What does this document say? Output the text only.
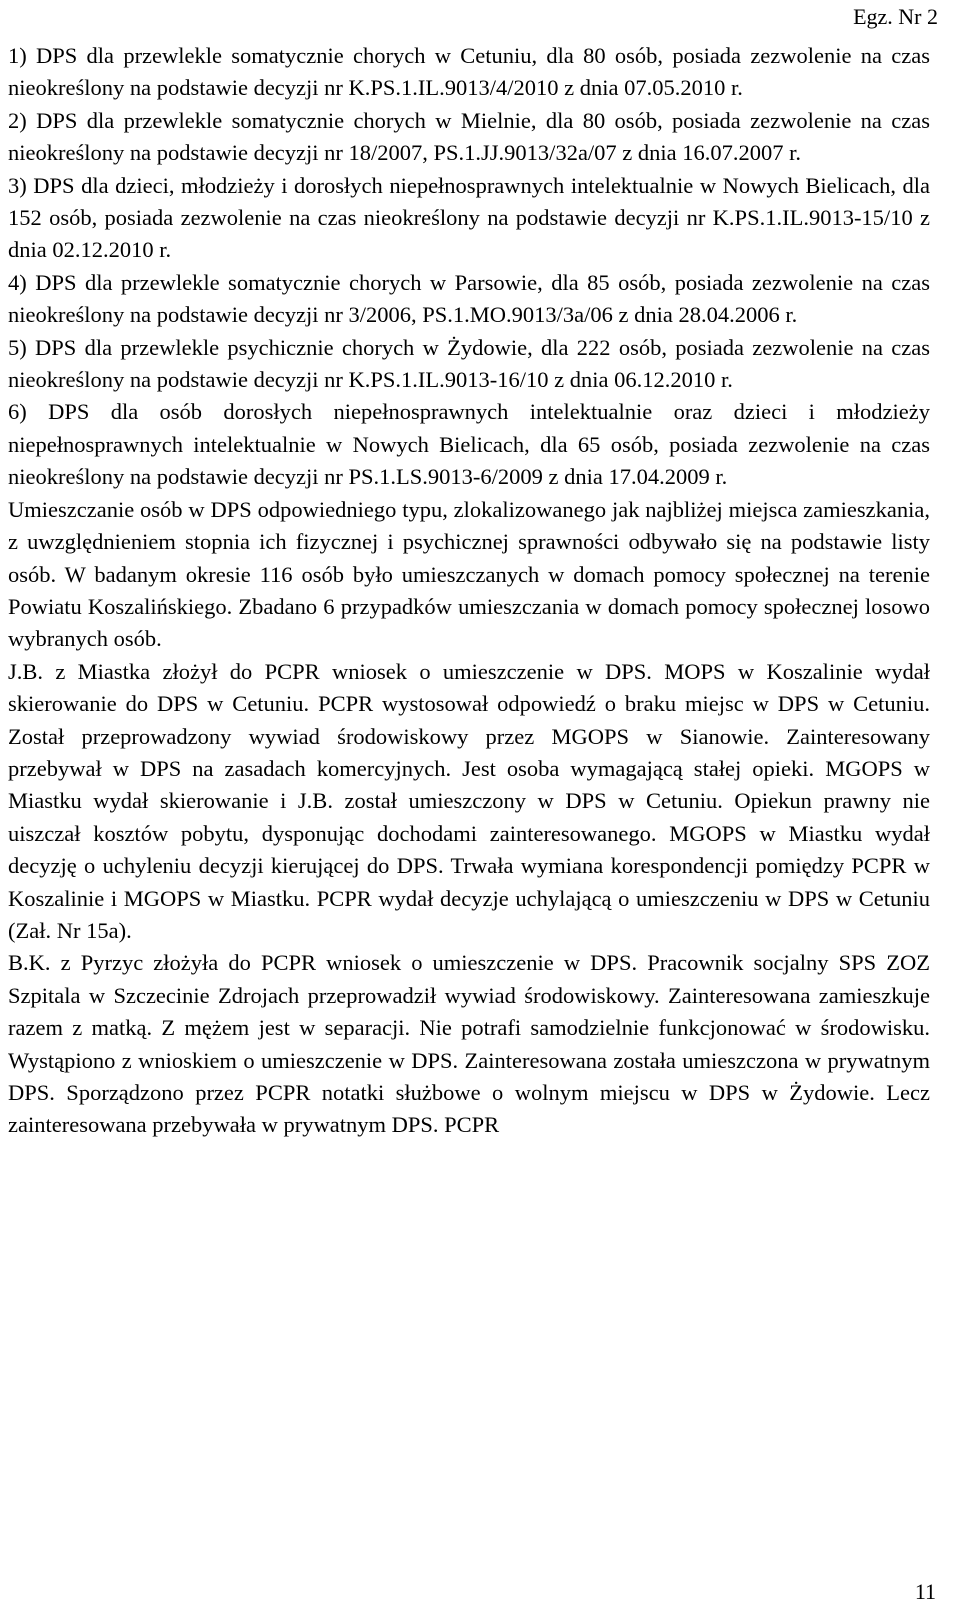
Egz. Nr 2

1) DPS dla przewlekle somatycznie chorych w Cetuniu, dla 80 osób, posiada zezwolenie na czas nieokreślony na podstawie decyzji nr K.PS.1.IL.9013/4/2010 z dnia 07.05.2010 r.

2) DPS dla przewlekle somatycznie chorych w Mielnie, dla 80 osób, posiada zezwolenie na czas nieokreślony na podstawie decyzji nr 18/2007, PS.1.JJ.9013/32a/07 z dnia 16.07.2007 r.

3) DPS dla dzieci, młodzieży i dorosłych niepełnosprawnych intelektualnie w Nowych Bielicach, dla 152 osób, posiada zezwolenie na czas nieokreślony na podstawie decyzji nr K.PS.1.IL.9013-15/10 z dnia 02.12.2010 r.

4) DPS dla przewlekle somatycznie chorych w Parsowie, dla 85 osób, posiada zezwolenie na czas nieokreślony na podstawie decyzji nr 3/2006, PS.1.MO.9013/3a/06 z dnia 28.04.2006 r.

5) DPS dla przewlekle psychicznie chorych w Żydowie, dla 222 osób, posiada zezwolenie na czas nieokreślony na podstawie decyzji nr K.PS.1.IL.9013-16/10 z dnia 06.12.2010 r.

6) DPS dla osób dorosłych niepełnosprawnych intelektualnie oraz dzieci i młodzieży niepełnosprawnych intelektualnie w Nowych Bielicach, dla 65 osób, posiada zezwolenie na czas nieokreślony na podstawie decyzji nr PS.1.LS.9013-6/2009 z dnia 17.04.2009 r.

Umieszczanie osób w DPS odpowiedniego typu, zlokalizowanego jak najbliżej miejsca zamieszkania, z uwzględnieniem stopnia ich fizycznej i psychicznej sprawności odbywało się na podstawie listy osób. W badanym okresie 116 osób było umieszczanych w domach pomocy społecznej na terenie Powiatu Koszalińskiego. Zbadano 6 przypadków umieszczania w domach pomocy społecznej losowo wybranych osób.

J.B. z Miastka złożył do PCPR wniosek o umieszczenie w DPS. MOPS w Koszalinie wydał skierowanie do DPS w Cetuniu. PCPR wystosował odpowiedź o braku miejsc w DPS w Cetuniu. Został przeprowadzony wywiad środowiskowy przez MGOPS w Sianowie. Zainteresowany przebywał w DPS na zasadach komercyjnych. Jest osoba wymagającą stałej opieki. MGOPS w Miastku wydał skierowanie i J.B. został umieszczony w DPS w Cetuniu. Opiekun prawny nie uiszczał kosztów pobytu, dysponując dochodami zainteresowanego. MGOPS w Miastku wydał decyzję o uchyleniu decyzji kierującej do DPS. Trwała wymiana korespondencji pomiędzy PCPR w Koszalinie i MGOPS w Miastku. PCPR wydał decyzje uchylającą o umieszczeniu w DPS w Cetuniu (Zał. Nr 15a).

B.K. z Pyrzyc złożyła do PCPR wniosek o umieszczenie w DPS. Pracownik socjalny SPS ZOZ Szpitala w Szczecinie Zdrojach przeprowadził wywiad środowiskowy. Zainteresowana zamieszkuje razem z matką. Z mężem jest w separacji. Nie potrafi samodzielnie funkcjonować w środowisku. Wystąpiono z wnioskiem o umieszczenie w DPS. Zainteresowana została umieszczona w prywatnym DPS. Sporządzono przez PCPR notatki służbowe o wolnym miejscu w DPS w Żydowie. Lecz zainteresowana przebywała w prywatnym DPS. PCPR

11
